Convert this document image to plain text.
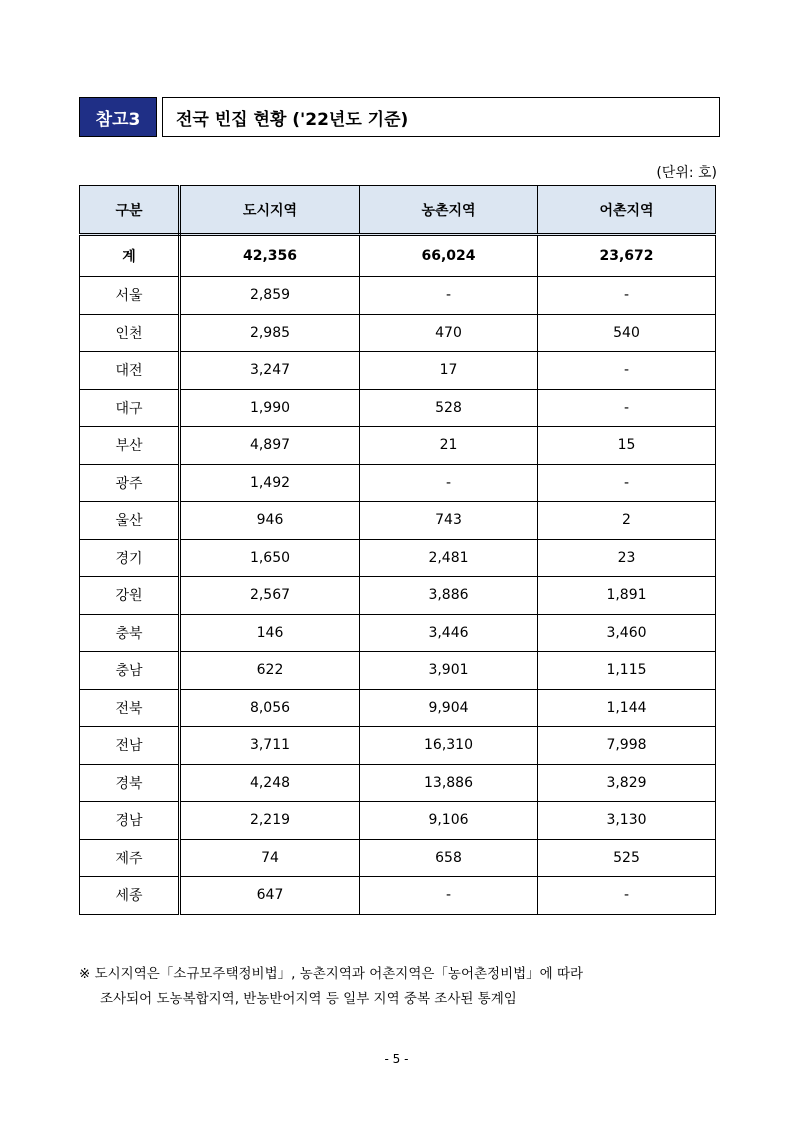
참고3	전국 빈집 현황 ('22년도 기준)
(단위: 호)
구분	도시지역	농촌지역	어촌지역
계	42,356	66,024	23,672
서울	2,859	-	-
인천	2,985	470	540
대전	3,247	17	-
대구	1,990	528	-
부산	4,897	21	15
광주	1,492	-	-
울산	946	743	2
경기	1,650	2,481	23
강원	2,567	3,886	1,891
충북	146	3,446	3,460
충남	622	3,901	1,115
전북	8,056	9,904	1,144
전남	3,711	16,310	7,998
경북	4,248	13,886	3,829
경남	2,219	9,106	3,130
제주	74	658	525
세종	647	-	-
※ 도시지역은「소규모주택정비법」, 농촌지역과 어촌지역은「농어촌정비법」에 따라
조사되어 도농복합지역, 반농반어지역 등 일부 지역 중복 조사된 통계임
- 5 -
